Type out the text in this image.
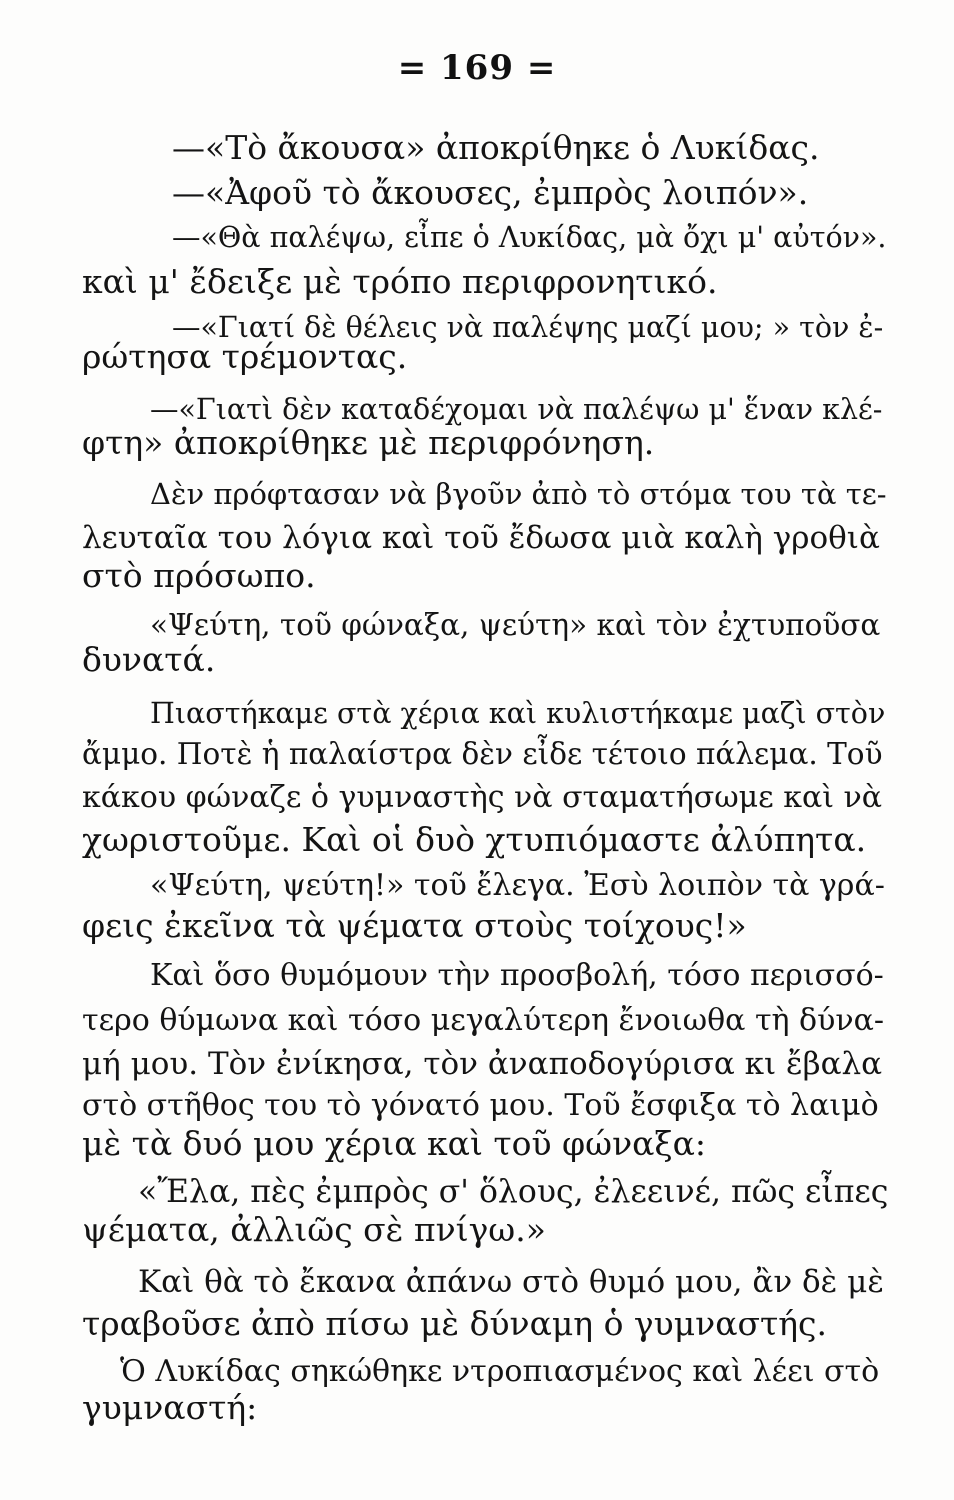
= 169 =
—«Τὸ ἄκουσα» ἀποκρίθηκε ὁ Λυκίδας.
—«Ἀφοῦ τὸ ἄκουσες, ἐμπρὸς λοιπόν».
—«Θὰ παλέψω, εἶπε ὁ Λυκίδας, μὰ ὄχι μ' αὐτόν».
καὶ μ' ἔδειξε μὲ τρόπο περιφρονητικό.
—«Γιατί δὲ θέλεις νὰ παλέψης μαζί μου; » τὸν ἐ-
ρώτησα τρέμοντας.
—«Γιατὶ δὲν καταδέχομαι νὰ παλέψω μ' ἕναν κλέ-
φτη» ἀποκρίθηκε μὲ περιφρόνηση.
Δὲν πρόφτασαν νὰ βγοῦν ἀπὸ τὸ στόμα του τὰ τε-
λευταῖα του λόγια καὶ τοῦ ἔδωσα μιὰ καλὴ γροθιὰ
στὸ πρόσωπο.
«Ψεύτη, τοῦ φώναξα, ψεύτη» καὶ τὸν ἐχτυποῦσα
δυνατά.
Πιαστήκαμε στὰ χέρια καὶ κυλιστήκαμε μαζὶ στὸν
ἄμμο. Ποτὲ ἡ παλαίστρα δὲν εἶδε τέτοιο πάλεμα. Τοῦ
κάκου φώναζε ὁ γυμναστὴς νὰ σταματήσωμε καὶ νὰ
χωριστοῦμε. Καὶ οἱ δυὸ χτυπιόμαστε ἀλύπητα.
«Ψεύτη, ψεύτη!» τοῦ ἔλεγα. Ἐσὺ λοιπὸν τὰ γρά-
φεις ἐκεῖνα τὰ ψέματα στοὺς τοίχους!»
Καὶ ὅσο θυμόμουν τὴν προσβολή, τόσο περισσό-
τερο θύμωνα καὶ τόσο μεγαλύτερη ἔνοιωθα τὴ δύνα-
μή μου. Τὸν ἐνίκησα, τὸν ἀναποδογύρισα κι ἔβαλα
στὸ στῆθος του τὸ γόνατό μου. Τοῦ ἔσφιξα τὸ λαιμὸ
μὲ τὰ δυό μου χέρια καὶ τοῦ φώναξα:
«Ἔλα, πὲς ἐμπρὸς σ' ὅλους, ἐλεεινέ, πῶς εἶπες
ψέματα, ἀλλιῶς σὲ πνίγω.»
Καὶ θὰ τὸ ἔκανα ἀπάνω στὸ θυμό μου, ἂν δὲ μὲ
τραβοῦσε ἀπὸ πίσω μὲ δύναμη ὁ γυμναστής.
Ὁ Λυκίδας σηκώθηκε ντροπιασμένος καὶ λέει στὸ
γυμναστή:
